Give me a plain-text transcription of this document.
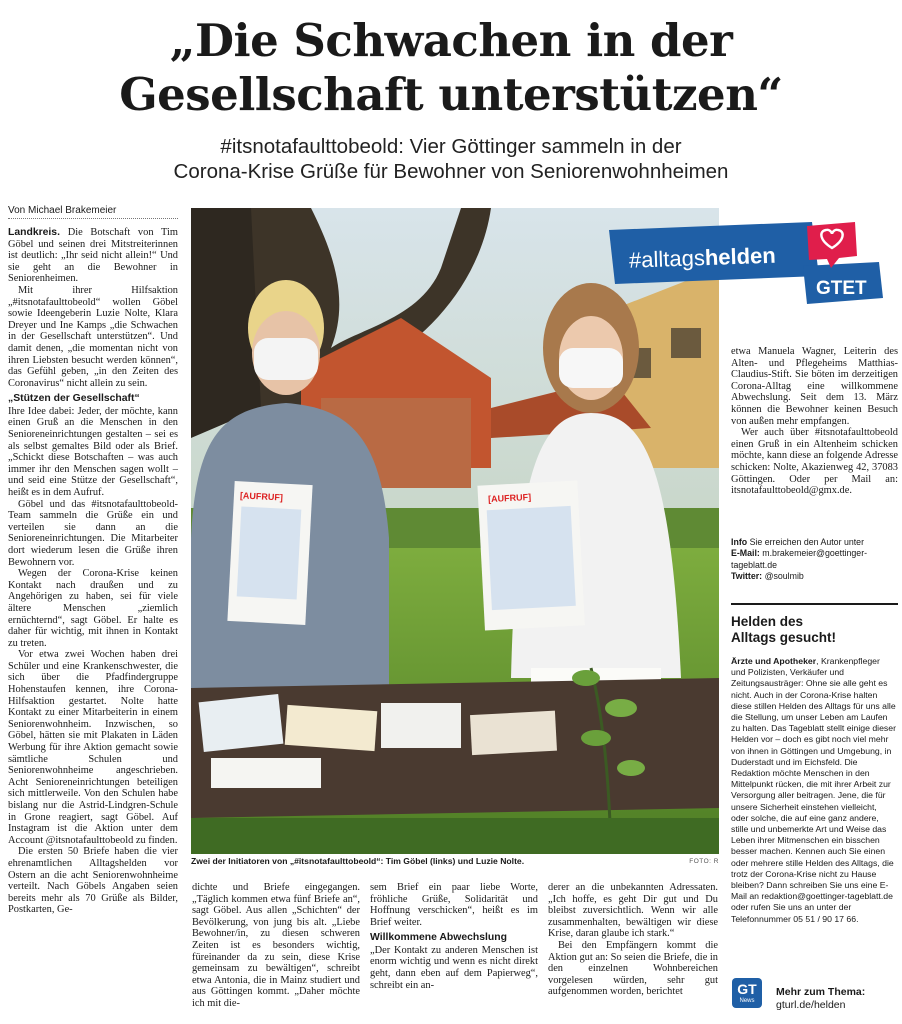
„Die Schwachen in der
Gesellschaft unterstützen“
#itsnotafaulttobeold: Vier Göttinger sammeln in der
Corona-Krise Grüße für Bewohner von Seniorenwohnheimen
Von Michael Brakemeier

Landkreis. Die Botschaft von Tim Göbel und seinen drei Mitstreiterinnen ist deutlich: „Ihr seid nicht allein!“ Und sie geht an die Bewohner in Seniorenheimen.

Mit ihrer Hilfsaktion „#itsnotafaulttobeold“ wollen Göbel sowie Ideengeberin Luzie Nolte, Klara Dreyer und Ine Kamps „die Schwachen in der Gesellschaft unterstützen“. Und damit denen, „die momentan nicht von ihren Liebsten besucht werden können“, das Gefühl geben, „in den Zeiten des Coronavirus“ nicht allein zu sein.

„Stützen der Gesellschaft“

Ihre Idee dabei: Jeder, der möchte, kann einen Gruß an die Menschen in den Senioreneinrichtungen gestalten – sei es als selbst gemaltes Bild oder als Brief. „Schickt diese Botschaften – was auch immer ihr den Menschen sagen wollt – und seid eine Stütze der Gesellschaft“, heißt es in dem Aufruf.

Göbel und das #itsnotafaulttobeold-Team sammeln die Grüße ein und verteilen sie dann an die Senioreneinrichtungen. Die Mitarbeiter dort wiederum lesen die Grüße ihren Bewohnern vor.

Wegen der Corona-Krise keinen Kontakt nach draußen und zu Angehörigen zu haben, sei für viele ältere Menschen „ziemlich ernüchternd“, sagt Göbel. Er halte es daher für wichtig, mit ihnen in Kontakt zu treten.

Vor etwa zwei Wochen haben drei Schüler und eine Krankenschwester, die sich über die Pfadfindergruppe Hohenstaufen kennen, ihre Corona-Hilfsaktion gestartet. Nolte hatte Kontakt zu einer Mitarbeiterin in einem Seniorenwohnheim. Inzwischen, so Göbel, hätten sie mit Plakaten in Läden Werbung für ihre Aktion gemacht sowie sämtliche Schulen und Seniorenwohnheime angeschrieben. Acht Senioreneinrichtungen beteiligen sich mittlerweile. Von den Schulen habe bislang nur die Astrid-Lindgren-Schule in Grone reagiert, sagt Göbel. Auf Instagram ist die Aktion unter dem Account @itsnotafaulttobeold zu finden.

Die ersten 50 Briefe haben die vier ehrenamtlichen Alltagshelden vor Ostern an die acht Seniorenwohnheime verteilt. Nach Göbels Angaben seien bereits mehr als 70 Grüße als Bilder, Postkarten, Ge-

[AUFRUF]	[AUFRUF]
#alltagshelden
GTET
Zwei der Initiatoren von „#itsnotafaulttobeold“: Tim Göbel (links) und Luzie Nolte.	FOTO: R

dichte und Briefe eingegangen. „Täglich kommen etwa fünf Briefe an“, sagt Göbel. Aus allen „Schichten“ der Bevölkerung, von jung bis alt. „Liebe Bewohner/in, zu diesen schweren Zeiten ist es besonders wichtig, füreinander da zu sein, diese Krise gemeinsam zu bewältigen“, schreibt etwa Antonia, die in Mainz studiert und aus Göttingen kommt. „Daher möchte ich mit die-

sem Brief ein paar liebe Worte, fröhliche Grüße, Solidarität und Hoffnung verschicken“, heißt es im Brief weiter.

Willkommene Abwechslung

„Der Kontakt zu anderen Menschen ist enorm wichtig und wenn es nicht direkt geht, dann eben auf dem Papierweg“, schreibt ein an-

derer an die unbekannten Adressaten. „Ich hoffe, es geht Dir gut und Du bleibst zuversichtlich. Wenn wir alle zusammenhalten, bewältigen wir diese Krise, daran glaube ich stark.“

Bei den Empfängern kommt die Aktion gut an: So seien die Briefe, die in den einzelnen Wohnbereichen vorgelesen würden, sehr gut aufgenommen worden, berichtet

etwa Manuela Wagner, Leiterin des Alten- und Pflegeheims Matthias-Claudius-Stift. Sie böten im derzeitigen Corona-Alltag eine willkommene Abwechslung. Seit dem 13. März können die Bewohner keinen Besuch von außen mehr empfangen.

Wer auch über #itsnotafaulttobeold einen Gruß in ein Altenheim schicken möchte, kann diese an folgende Adresse schicken: Nolte, Akazienweg 42, 37083 Göttingen. Oder per Mail an: itsnotafaulttobeold@gmx.de.

Info Sie erreichen den Autor unter
E-Mail: m.brakemeier@goettinger-tageblatt.de
Twitter: @soulmib
Helden des
Alltags gesucht!
Ärzte und Apotheker, Krankenpfleger und Polizisten, Verkäufer und Zeitungsausträger: Ohne sie alle geht es nicht. Auch in der Corona-Krise halten diese stillen Helden des Alltags für uns alle die Stellung, um unser Leben am Laufen zu halten. Das Tageblatt stellt einige dieser Helden vor – doch es gibt noch viel mehr von ihnen in Göttingen und Umgebung, in Duderstadt und im Eichsfeld. Die Redaktion möchte Menschen in den Mittelpunkt rücken, die mit ihrer Arbeit zur Versorgung aller beitragen. Jene, die für unsere Sicherheit einstehen vielleicht, oder solche, die auf eine ganz andere, stille und unbemerkte Art und Weise das Leben ihrer Mitmenschen ein bisschen besser machen. Kennen auch Sie einen oder mehrere stille Helden des Alltags, die trotz der Corona-Krise nicht zu Hause bleiben? Dann schreiben Sie uns eine E-Mail an redaktion@goettinger-tageblatt.de oder rufen Sie uns an unter der Telefonnummer 05 51 / 90 17 66.
GT
News
Mehr zum Thema:
gturl.de/helden
